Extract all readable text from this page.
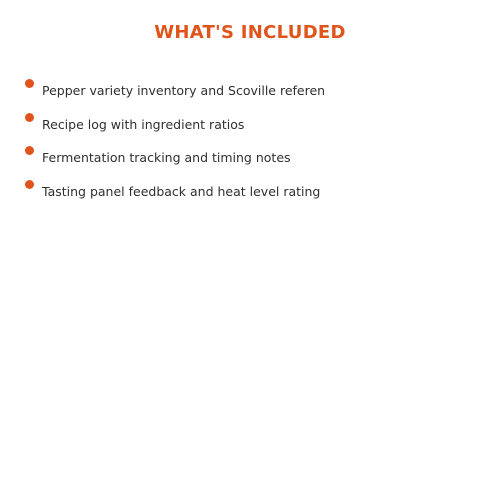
WHAT'S INCLUDED
Pepper variety inventory and Scoville referen
Recipe log with ingredient ratios
Fermentation tracking and timing notes
Tasting panel feedback and heat level rating
